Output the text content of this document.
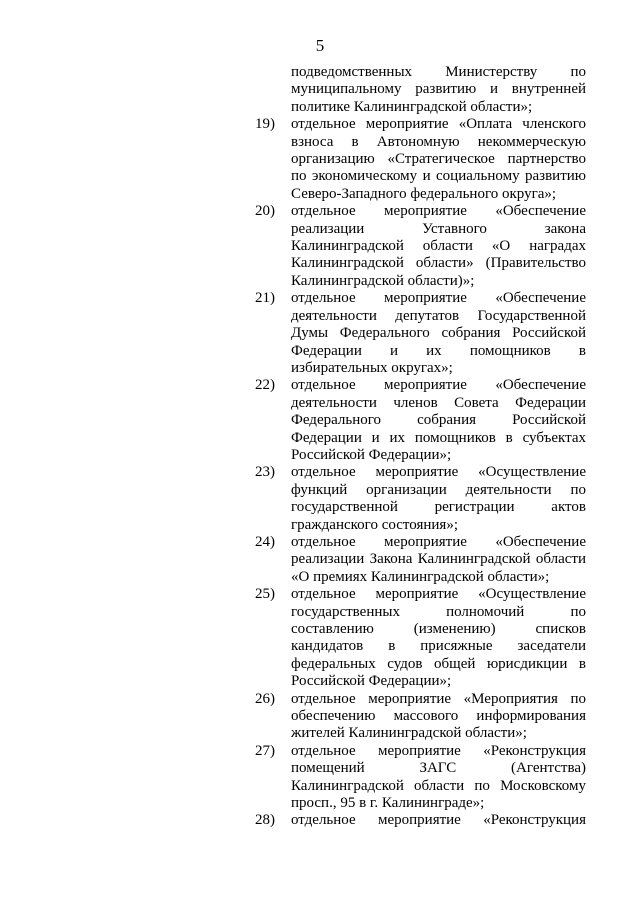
5
подведомственных Министерству по
муниципальному развитию и внутренней
политике Калининградской области»;
19) отдельное мероприятие «Оплата членского
взноса в Автономную некоммерческую
организацию «Стратегическое партнерство
по экономическому и социальному развитию
Северо-Западного федерального округа»;
20) отдельное мероприятие «Обеспечение
реализации Уставного закона
Калининградской области «О наградах
Калининградской области» (Правительство
Калининградской области)»;
21) отдельное мероприятие «Обеспечение
деятельности депутатов Государственной
Думы Федерального собрания Российской
Федерации и их помощников в
избирательных округах»;
22) отдельное мероприятие «Обеспечение
деятельности членов Совета Федерации
Федерального собрания Российской
Федерации и их помощников в субъектах
Российской Федерации»;
23) отдельное мероприятие «Осуществление
функций организации деятельности по
государственной регистрации актов
гражданского состояния»;
24) отдельное мероприятие «Обеспечение
реализации Закона Калининградской области
«О премиях Калининградской области»;
25) отдельное мероприятие «Осуществление
государственных полномочий по
составлению (изменению) списков
кандидатов в присяжные заседатели
федеральных судов общей юрисдикции в
Российской Федерации»;
26) отдельное мероприятие «Мероприятия по
обеспечению массового информирования
жителей Калининградской области»;
27) отдельное мероприятие «Реконструкция
помещений ЗАГС (Агентства)
Калининградской области по Московскому
просп., 95 в г. Калининграде»;
28) отдельное мероприятие «Реконструкция
